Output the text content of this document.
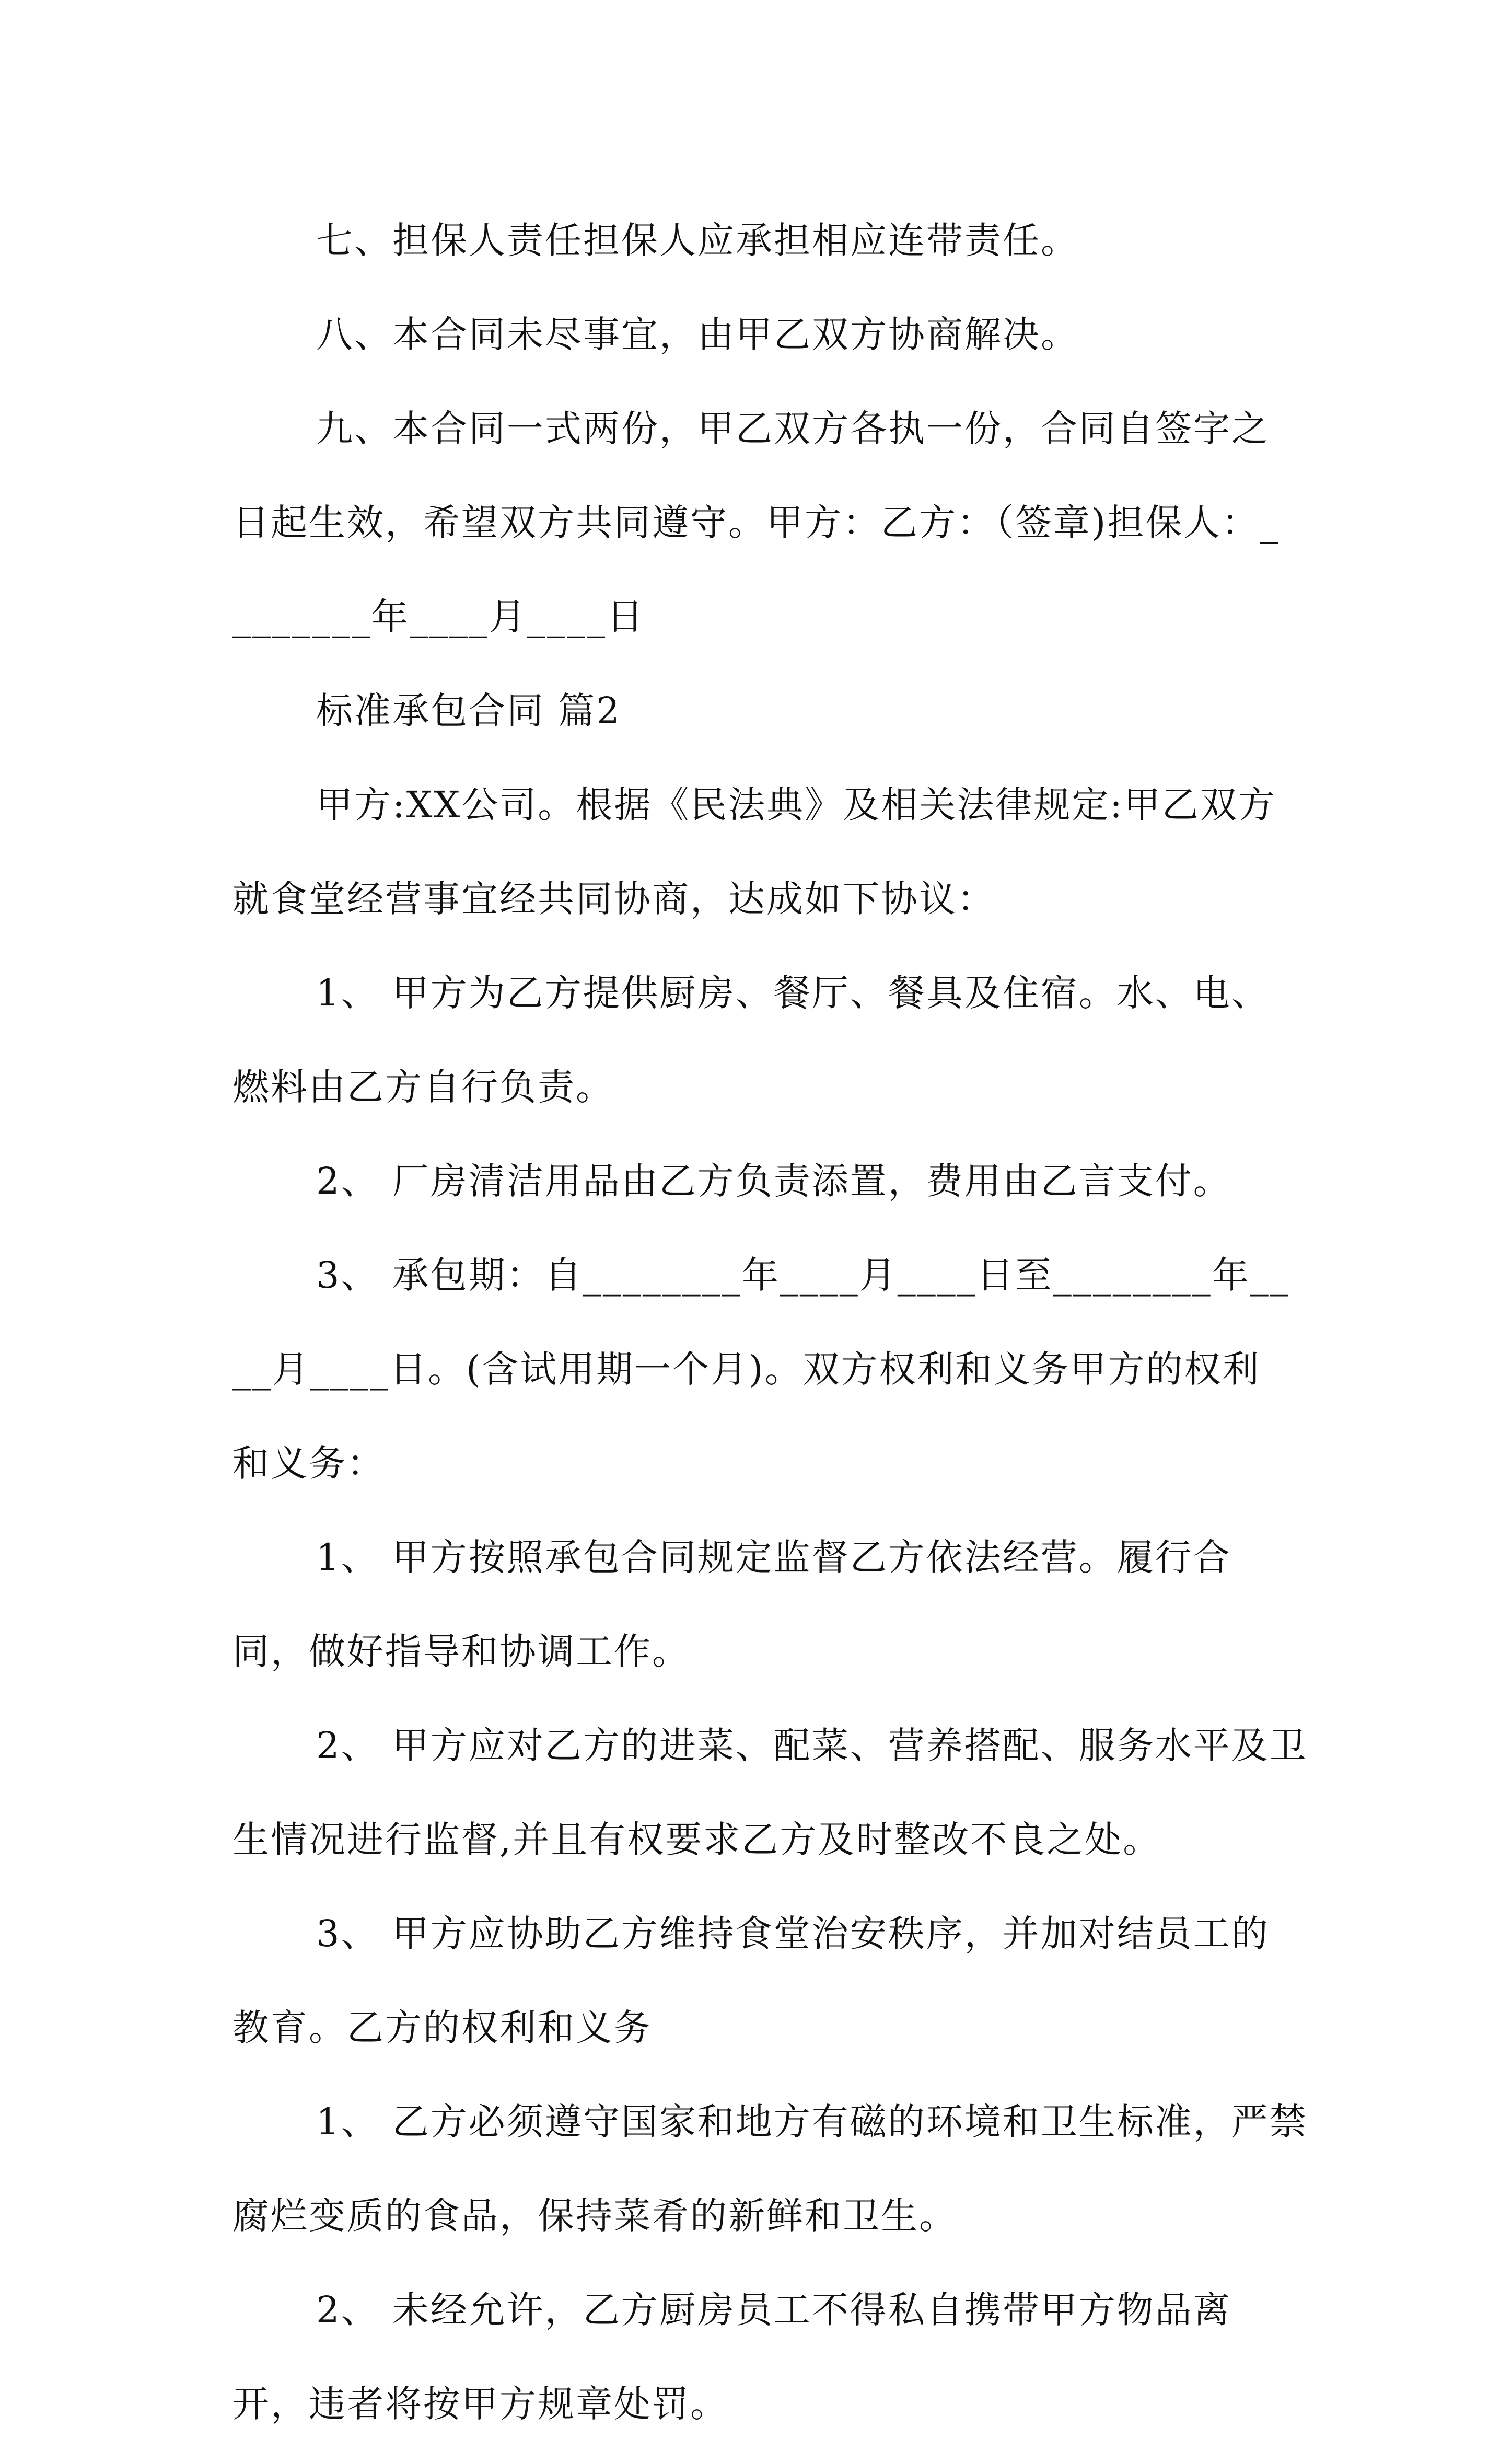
七、担保人责任担保人应承担相应连带责任。

八、本合同未尽事宜，由甲乙双方协商解决。

九、本合同一式两份，甲乙双方各执一份，合同自签字之日起生效，希望双方共同遵守。甲方：乙方：（签章)担保人：________年____月____日

标准承包合同 篇2

甲方:XX公司。根据《民法典》及相关法律规定:甲乙双方就食堂经营事宜经共同协商，达成如下协议：

1、 甲方为乙方提供厨房、餐厅、餐具及住宿。水、电、燃料由乙方自行负责。

2、 厂房清洁用品由乙方负责添置，费用由乙言支付。

3、 承包期：自________年____月____日至________年____月____日。(含试用期一个月)。双方权利和义务甲方的权利和义务：

1、 甲方按照承包合同规定监督乙方依法经营。履行合同，做好指导和协调工作。

2、 甲方应对乙方的进菜、配菜、营养搭配、服务水平及卫生情况进行监督,并且有权要求乙方及时整改不良之处。

3、 甲方应协助乙方维持食堂治安秩序，并加对结员工的教育。乙方的权利和义务

1、 乙方必须遵守国家和地方有磁的环境和卫生标准，严禁腐烂变质的食品，保持菜肴的新鲜和卫生。

2、 未经允许，乙方厨房员工不得私自携带甲方物品离开，违者将按甲方规章处罚。
